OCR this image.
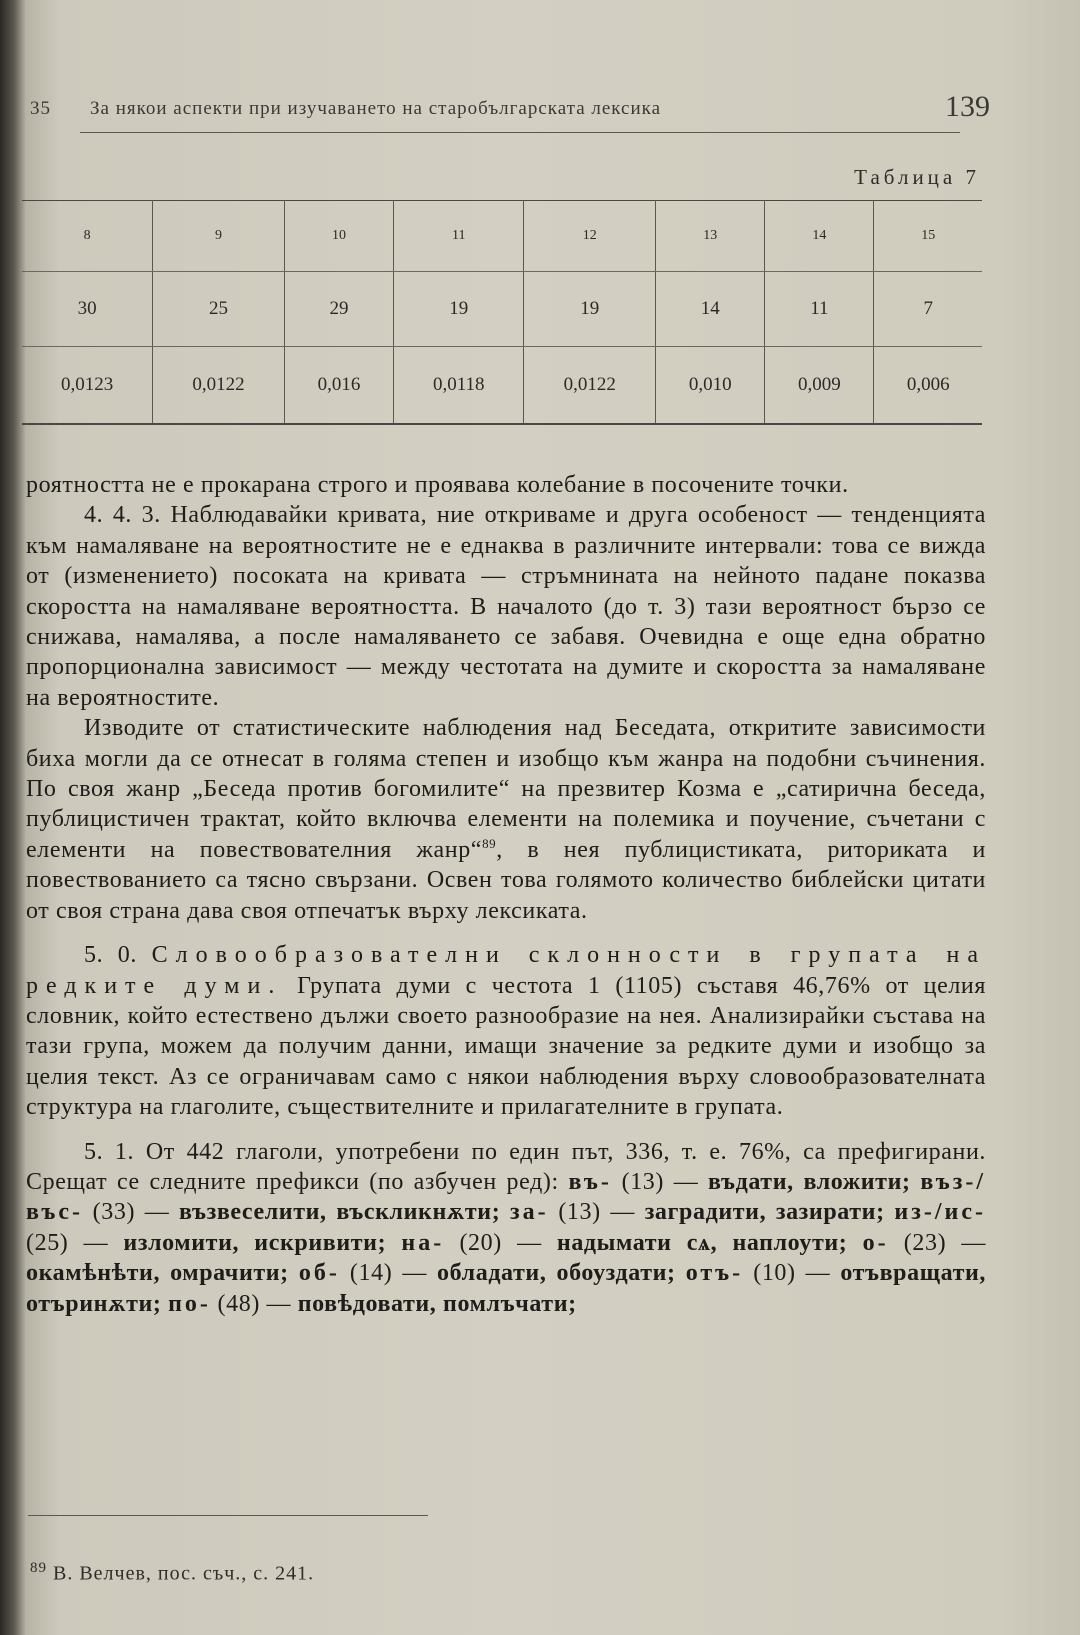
35 За някои аспекти при изучаването на старобългарската лексика	139
Таблица 7
8	9	10	11	12	13	14	15
30	25	29	19	19	14	11	7
0,0123	0,0122	0,016	0,0118	0,0122	0,010	0,009	0,006

роятността не е прокарана строго и проявава колебание в посочените точки.

4. 4. 3. Наблюдавайки кривата, ние откриваме и друга особеност — тенденцията към намаляване на вероятностите не е еднаква в различните интервали: това се вижда от (изменението) посоката на кривата — стръмнината на нейното падане показва скоростта на намаляване вероятността. В началото (до т. 3) тази вероятност бързо се снижава, намалява, а после намаляването се забавя. Очевидна е още една обратно пропорционална зависимост — между честотата на думите и скоростта за намаляване на вероятностите.

Изводите от статистическите наблюдения над Беседата, откритите зависимости биха могли да се отнесат в голяма степен и изобщо към жанра на подобни съчинения. По своя жанр „Беседа против богомилите“ на презвитер Козма е „сатирична беседа, публицистичен трактат, който включва елементи на полемика и поучение, съчетани с елементи на повествователния жанр“$^{89}$, в нея публицистиката, риториката и повествованието са тясно свързани. Освен това голямото количество библейски цитати от своя страна дава своя отпечатък върху лексиката.

5. 0. Словообразователни склонности в групата на редките думи. Групата думи с честота 1 (1105) съставя 46,76% от целия словник, който естествено дължи своето разнообразие на нея. Анализирайки състава на тази група, можем да получим данни, имащи значение за редките думи и изобщо за целия текст. Аз се ограничавам само с някои наблюдения върху словообразователната структура на глаголите, съществителните и прилагателните в групата.

5. 1. От 442 глаголи, употребени по един път, 336, т. е. 76%, са префигирани. Срещат се следните префикси (по азбучен ред): въ- (13) — въдати, вложити; въз-/въс- (33) — възвеселити, въскликнѫти; за- (13) — заградити, зазирати; из-/ис- (25) — изломити, искривити; на- (20) — надымати сѧ, наплоути; о- (23) — окамѣнѣти, омрачити; об- (14) — обладати, обоуздати; отъ- (10) — отъвращати, отъринѫти; по- (48) — повѣдовати, помлъчати;

$^{89}$ В. Велчев, пос. съч., с. 241.
